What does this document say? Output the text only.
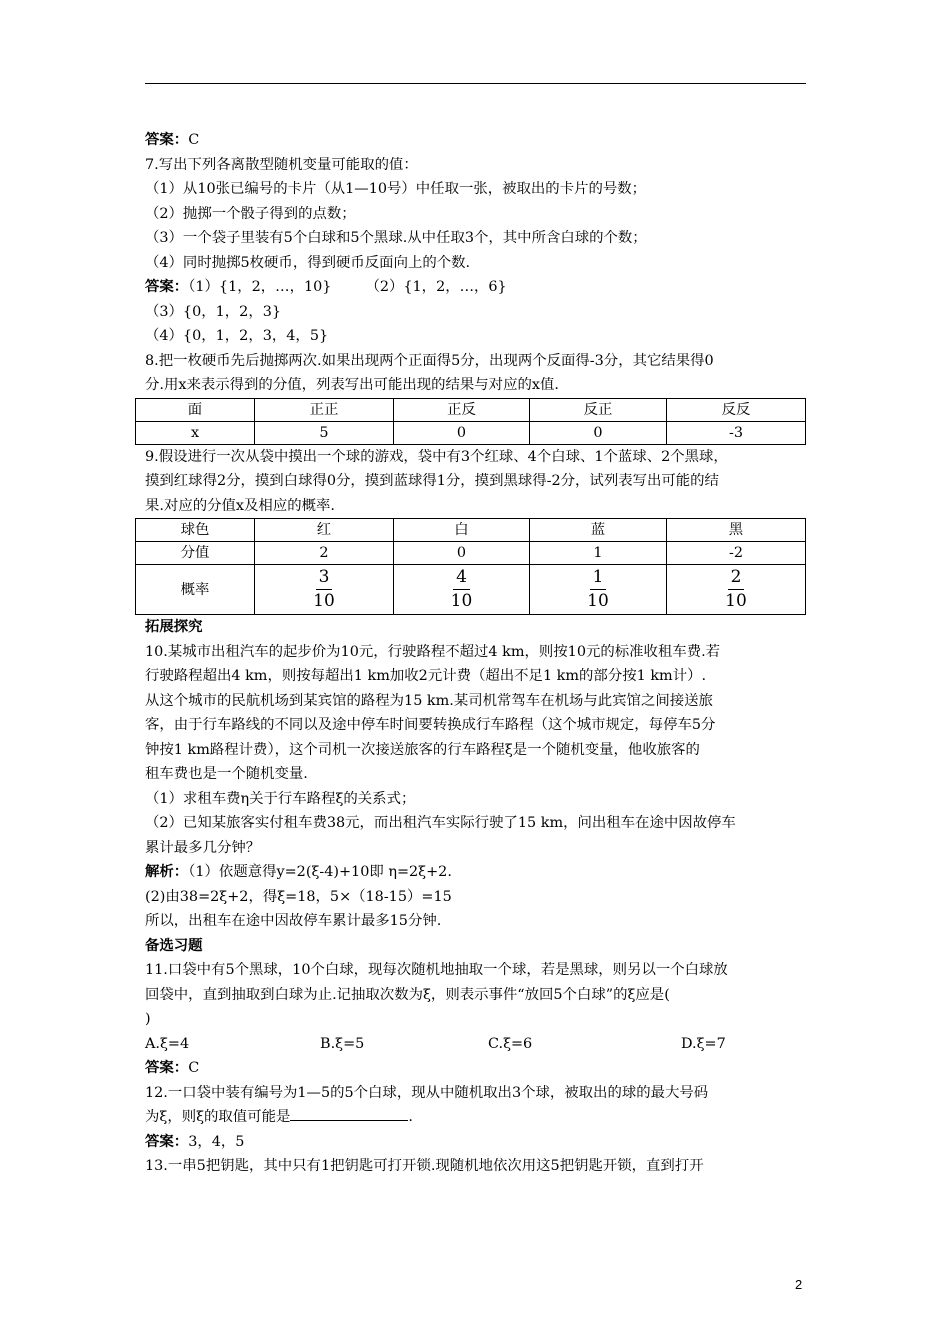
答案：C
7.写出下列各离散型随机变量可能取的值：
（1）从10张已编号的卡片（从1—10号）中任取一张，被取出的卡片的号数；
（2）抛掷一个骰子得到的点数；
（3）一个袋子里装有5个白球和5个黑球.从中任取3个，其中所含白球的个数；
（4）同时抛掷5枚硬币，得到硬币反面向上的个数.
答案：（1）{1，2，…，10} （2）{1，2，…，6}
（3）{0，1，2，3}
（4）{0，1，2，3，4，5}
8.把一枚硬币先后抛掷两次.如果出现两个正面得5分，出现两个反面得-3分，其它结果得0
分.用x来表示得到的分值，列表写出可能出现的结果与对应的x值.
面	正正	正反	反正	反反
x	5	0	0	-3
9.假设进行一次从袋中摸出一个球的游戏，袋中有3个红球、4个白球、1个蓝球、2个黑球，
摸到红球得2分，摸到白球得0分，摸到蓝球得1分，摸到黑球得-2分，试列表写出可能的结
果.对应的分值x及相应的概率.
球色	红	白	蓝	黑
分值	2	0	1	-2
概率	$\frac{3}{10}$	$\frac{4}{10}$	$\frac{1}{10}$	$\frac{2}{10}$
拓展探究
10.某城市出租汽车的起步价为10元，行驶路程不超过4 km，则按10元的标准收租车费.若
行驶路程超出4 km，则按每超出1 km加收2元计费（超出不足1 km的部分按1 km计）.
从这个城市的民航机场到某宾馆的路程为15 km.某司机常驾车在机场与此宾馆之间接送旅
客，由于行车路线的不同以及途中停车时间要转换成行车路程（这个城市规定，每停车5分
钟按1 km路程计费），这个司机一次接送旅客的行车路程ξ是一个随机变量，他收旅客的
租车费也是一个随机变量.
（1）求租车费η关于行车路程ξ的关系式；
（2）已知某旅客实付租车费38元，而出租汽车实际行驶了15 km，问出租车在途中因故停车
累计最多几分钟？
解析：（1）依题意得y=2(ξ-4)+10即 η=2ξ+2.
(2)由38=2ξ+2，得ξ=18，5×（18-15）=15
所以，出租车在途中因故停车累计最多15分钟.
备选习题
11.口袋中有5个黑球，10个白球，现每次随机地抽取一个球，若是黑球，则另以一个白球放
回袋中，直到抽取到白球为止.记抽取次数为ξ，则表示事件“放回5个白球”的ξ应是(
)
A.ξ=4	B.ξ=5	C.ξ=6	D.ξ=7
答案：C
12.一口袋中装有编号为1—5的5个白球，现从中随机取出3个球，被取出的球的最大号码
为ξ，则ξ的取值可能是	.
答案：3，4，5
13.一串5把钥匙，其中只有1把钥匙可打开锁.现随机地依次用这5把钥匙开锁，直到打开
2
